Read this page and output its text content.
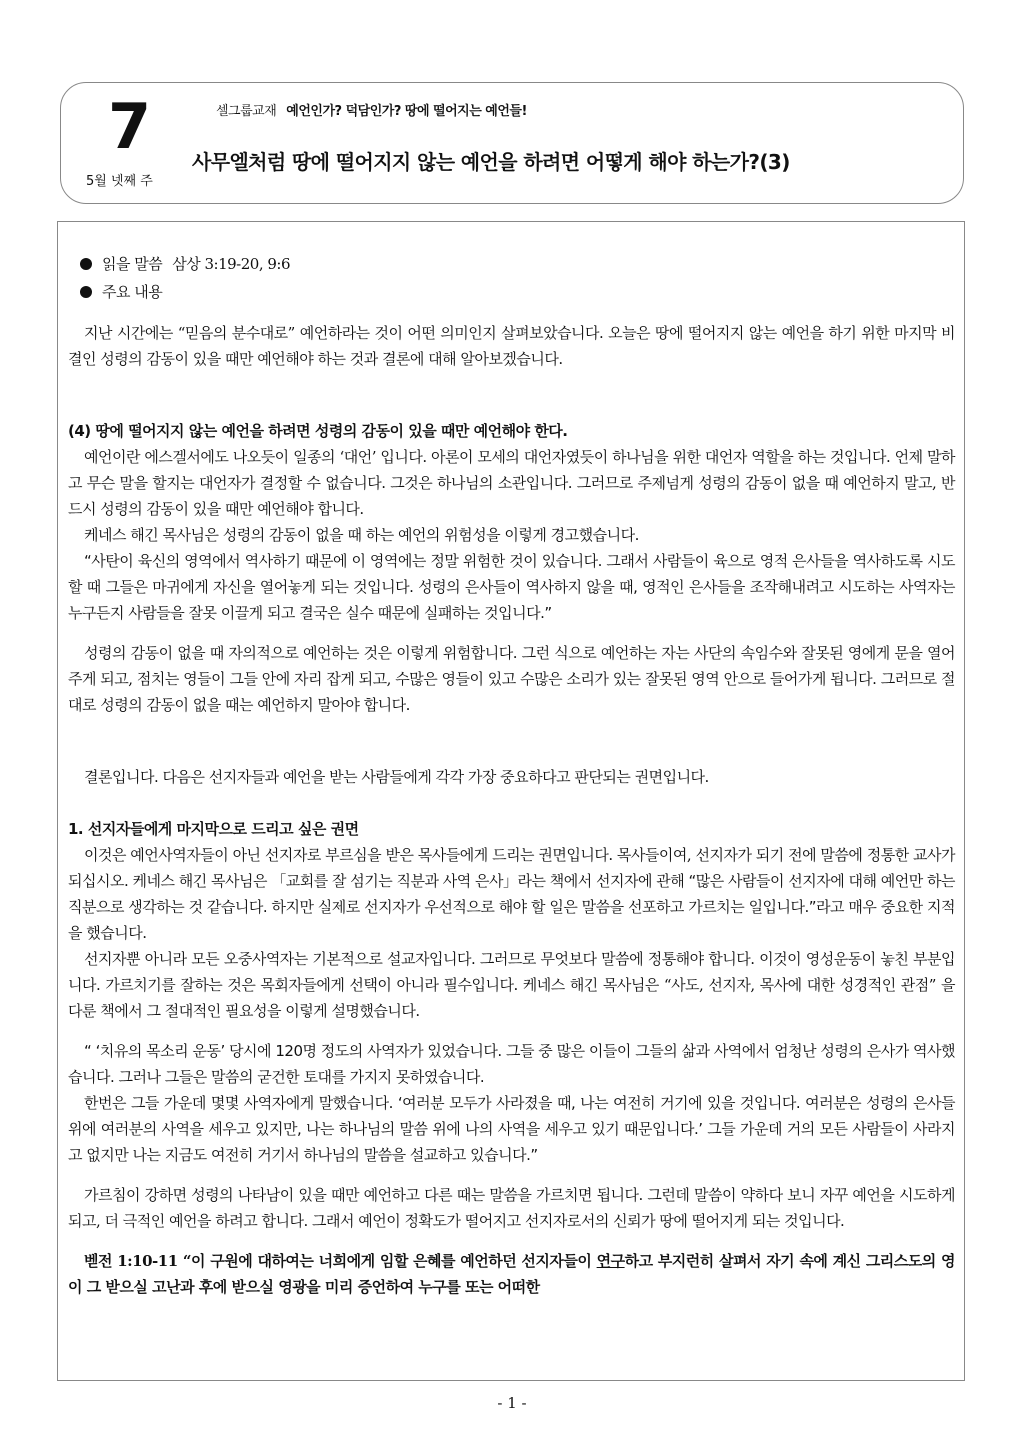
7
5월 넷째 주
셀그룹교재 예언인가? 덕담인가? 땅에 떨어지는 예언들!
사무엘처럼 땅에 떨어지지 않는 예언을 하려면 어떻게 해야 하는가?(3)
읽을 말씀 삼상 3:19-20, 9:6
주요 내용

지난 시간에는 “믿음의 분수대로” 예언하라는 것이 어떤 의미인지 살펴보았습니다. 오늘은 땅에 떨어지지 않는 예언을 하기 위한 마지막 비결인 성령의 감동이 있을 때만 예언해야 하는 것과 결론에 대해 알아보겠습니다.

(4) 땅에 떨어지지 않는 예언을 하려면 성령의 감동이 있을 때만 예언해야 한다.

예언이란 에스겔서에도 나오듯이 일종의 ‘대언’ 입니다. 아론이 모세의 대언자였듯이 하나님을 위한 대언자 역할을 하는 것입니다. 언제 말하고 무슨 말을 할지는 대언자가 결정할 수 없습니다. 그것은 하나님의 소관입니다. 그러므로 주제넘게 성령의 감동이 없을 때 예언하지 말고, 반드시 성령의 감동이 있을 때만 예언해야 합니다.

케네스 해긴 목사님은 성령의 감동이 없을 때 하는 예언의 위험성을 이렇게 경고했습니다.

“사탄이 육신의 영역에서 역사하기 때문에 이 영역에는 정말 위험한 것이 있습니다. 그래서 사람들이 육으로 영적 은사들을 역사하도록 시도할 때 그들은 마귀에게 자신을 열어놓게 되는 것입니다. 성령의 은사들이 역사하지 않을 때, 영적인 은사들을 조작해내려고 시도하는 사역자는 누구든지 사람들을 잘못 이끌게 되고 결국은 실수 때문에 실패하는 것입니다.”

성령의 감동이 없을 때 자의적으로 예언하는 것은 이렇게 위험합니다. 그런 식으로 예언하는 자는 사단의 속임수와 잘못된 영에게 문을 열어주게 되고, 점치는 영들이 그들 안에 자리 잡게 되고, 수많은 영들이 있고 수많은 소리가 있는 잘못된 영역 안으로 들어가게 됩니다. 그러므로 절대로 성령의 감동이 없을 때는 예언하지 말아야 합니다.

결론입니다. 다음은 선지자들과 예언을 받는 사람들에게 각각 가장 중요하다고 판단되는 권면입니다.

1. 선지자들에게 마지막으로 드리고 싶은 권면

이것은 예언사역자들이 아닌 선지자로 부르심을 받은 목사들에게 드리는 권면입니다. 목사들이여, 선지자가 되기 전에 말씀에 정통한 교사가 되십시오. 케네스 해긴 목사님은 「교회를 잘 섬기는 직분과 사역 은사」라는 책에서 선지자에 관해 “많은 사람들이 선지자에 대해 예언만 하는 직분으로 생각하는 것 같습니다. 하지만 실제로 선지자가 우선적으로 해야 할 일은 말씀을 선포하고 가르치는 일입니다.”라고 매우 중요한 지적을 했습니다.

선지자뿐 아니라 모든 오중사역자는 기본적으로 설교자입니다. 그러므로 무엇보다 말씀에 정통해야 합니다. 이것이 영성운동이 놓친 부분입니다. 가르치기를 잘하는 것은 목회자들에게 선택이 아니라 필수입니다. 케네스 해긴 목사님은 “사도, 선지자, 목사에 대한 성경적인 관점” 을 다룬 책에서 그 절대적인 필요성을 이렇게 설명했습니다.

“ ‘치유의 목소리 운동’ 당시에 120명 정도의 사역자가 있었습니다. 그들 중 많은 이들이 그들의 삶과 사역에서 엄청난 성령의 은사가 역사했습니다. 그러나 그들은 말씀의 굳건한 토대를 가지지 못하였습니다.

한번은 그들 가운데 몇몇 사역자에게 말했습니다. ‘여러분 모두가 사라졌을 때, 나는 여전히 거기에 있을 것입니다. 여러분은 성령의 은사들 위에 여러분의 사역을 세우고 있지만, 나는 하나님의 말씀 위에 나의 사역을 세우고 있기 때문입니다.’ 그들 가운데 거의 모든 사람들이 사라지고 없지만 나는 지금도 여전히 거기서 하나님의 말씀을 설교하고 있습니다.”

가르침이 강하면 성령의 나타남이 있을 때만 예언하고 다른 때는 말씀을 가르치면 됩니다. 그런데 말씀이 약하다 보니 자꾸 예언을 시도하게 되고, 더 극적인 예언을 하려고 합니다. 그래서 예언이 정확도가 떨어지고 선지자로서의 신뢰가 땅에 떨어지게 되는 것입니다.

벧전 1:10-11 “이 구원에 대하여는 너희에게 임할 은혜를 예언하던 선지자들이 연구하고 부지런히 살펴서 자기 속에 계신 그리스도의 영이 그 받으실 고난과 후에 받으실 영광을 미리 증언하여 누구를 또는 어떠한

- 1 -
